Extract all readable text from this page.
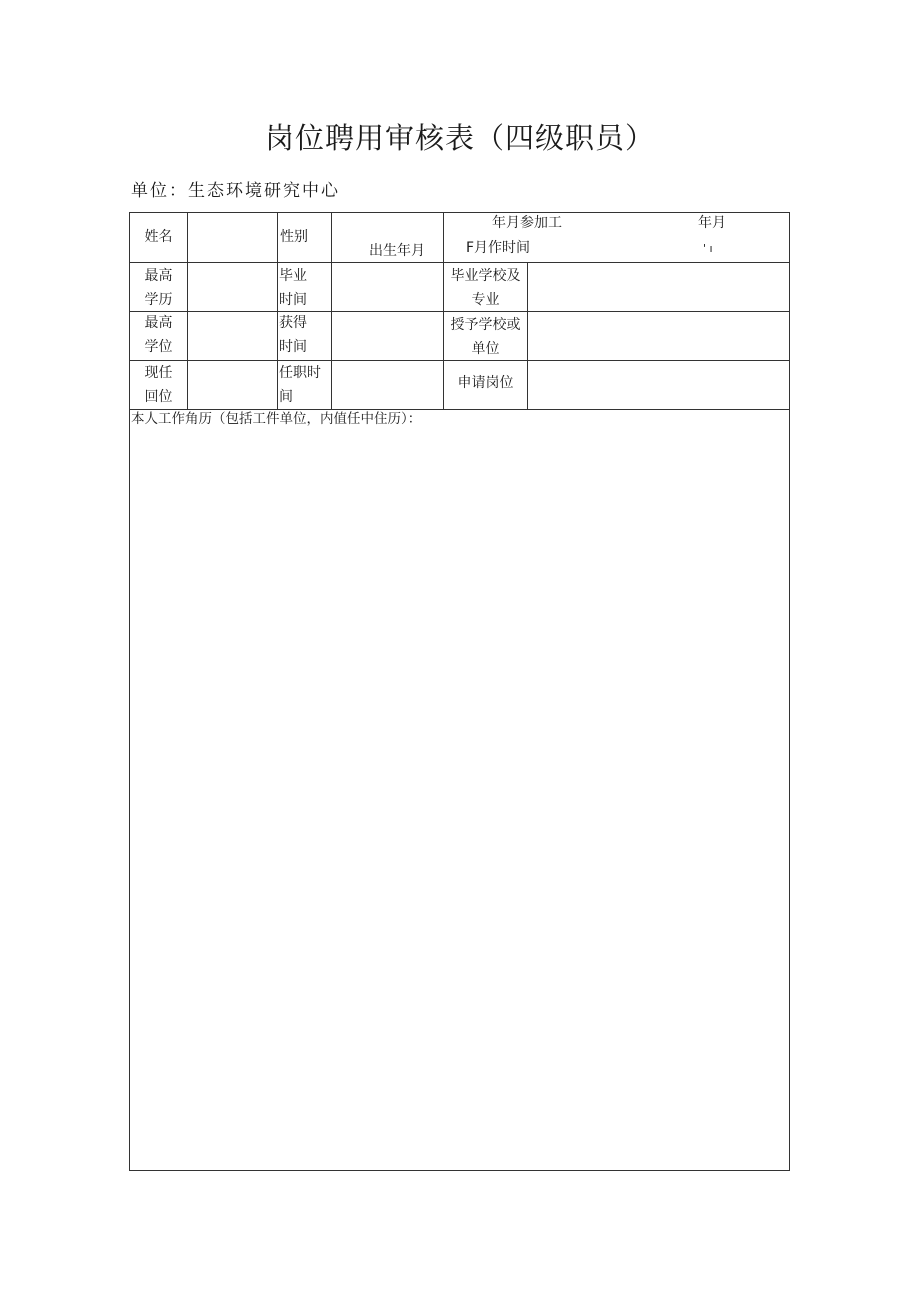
岗位聘用审核表（四级职员）
单位：生态环境研究中心
姓名	性别
出生年月
年月参加工
F月作时间
年月
' ı
最高
学历
毕业
时间
毕业学校及
专业
最高
学位
获得
时间
授予学校或
单位
现任
回位
任职时
间
申请岗位
本人工作角历（包括工件单位，内值任中住历）：
